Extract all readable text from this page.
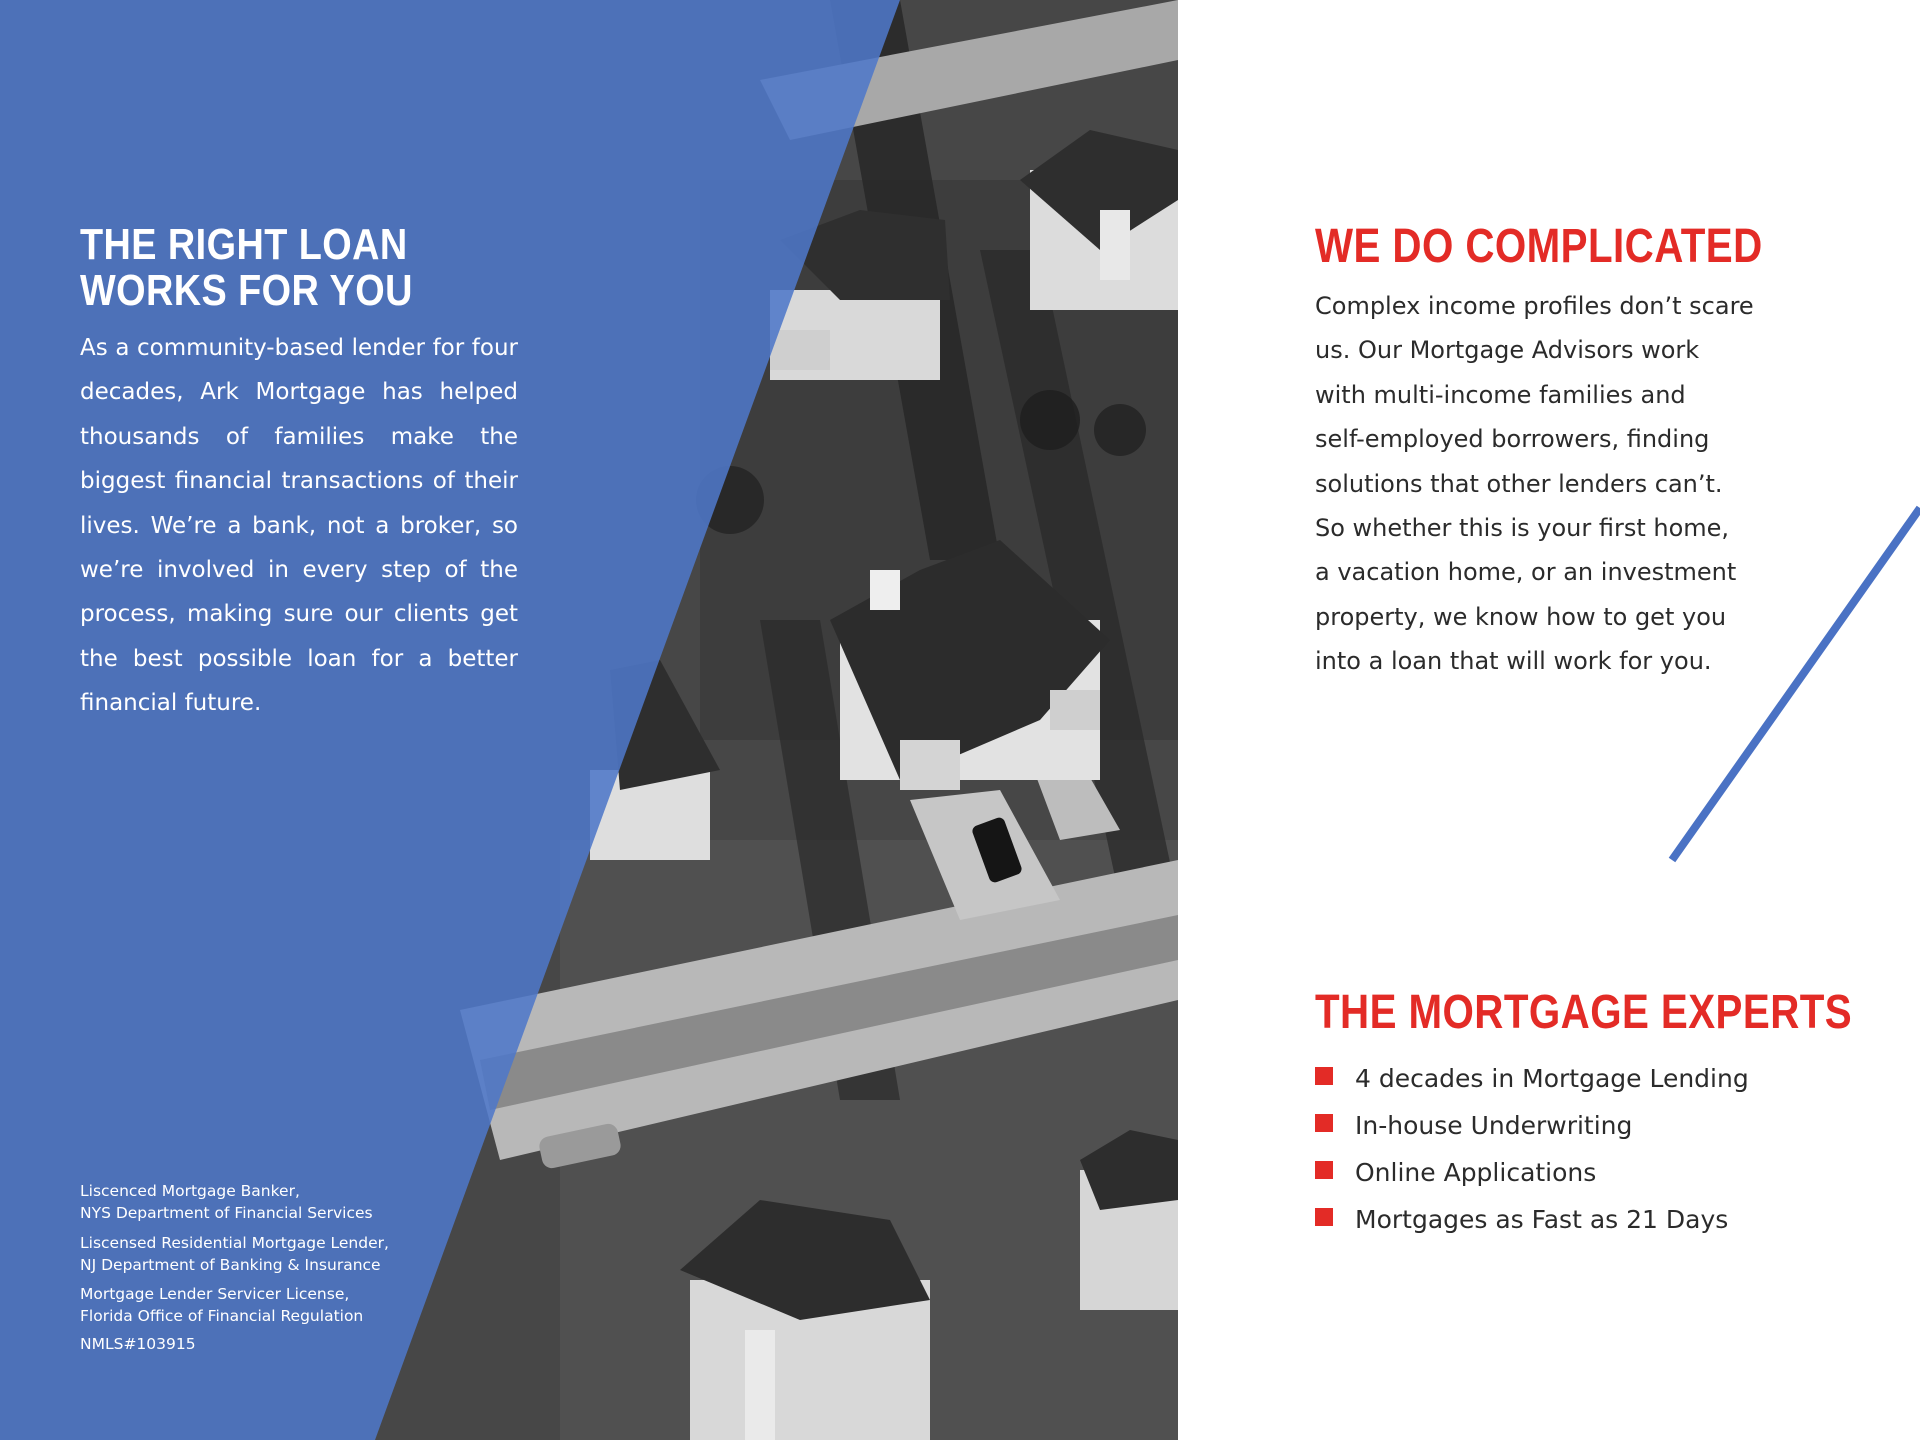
THE RIGHT LOAN
WORKS FOR YOU

As a community-based lender for four decades, Ark Mortgage has helped thousands of families make the biggest financial transactions of their lives. We’re a bank, not a broker, so we’re involved in every step of the process, making sure our clients get the best possible loan for a better financial future.

Liscenced Mortgage Banker,
NYS Department of Financial Services

Liscensed Residential Mortgage Lender,
NJ Department of Banking & Insurance

Mortgage Lender Servicer License,
Florida Office of Financial Regulation

NMLS#103915

WE DO COMPLICATED
Complex income profiles don’t scare
us. Our Mortgage Advisors work
with multi-income families and
self-employed borrowers, finding
solutions that other lenders can’t.
So whether this is your first home,
a vacation home, or an investment
property, we know how to get you
into a loan that will work for you.
THE MORTGAGE EXPERTS
4 decades in Mortgage Lending
In-house Underwriting
Online Applications
Mortgages as Fast as 21 Days
